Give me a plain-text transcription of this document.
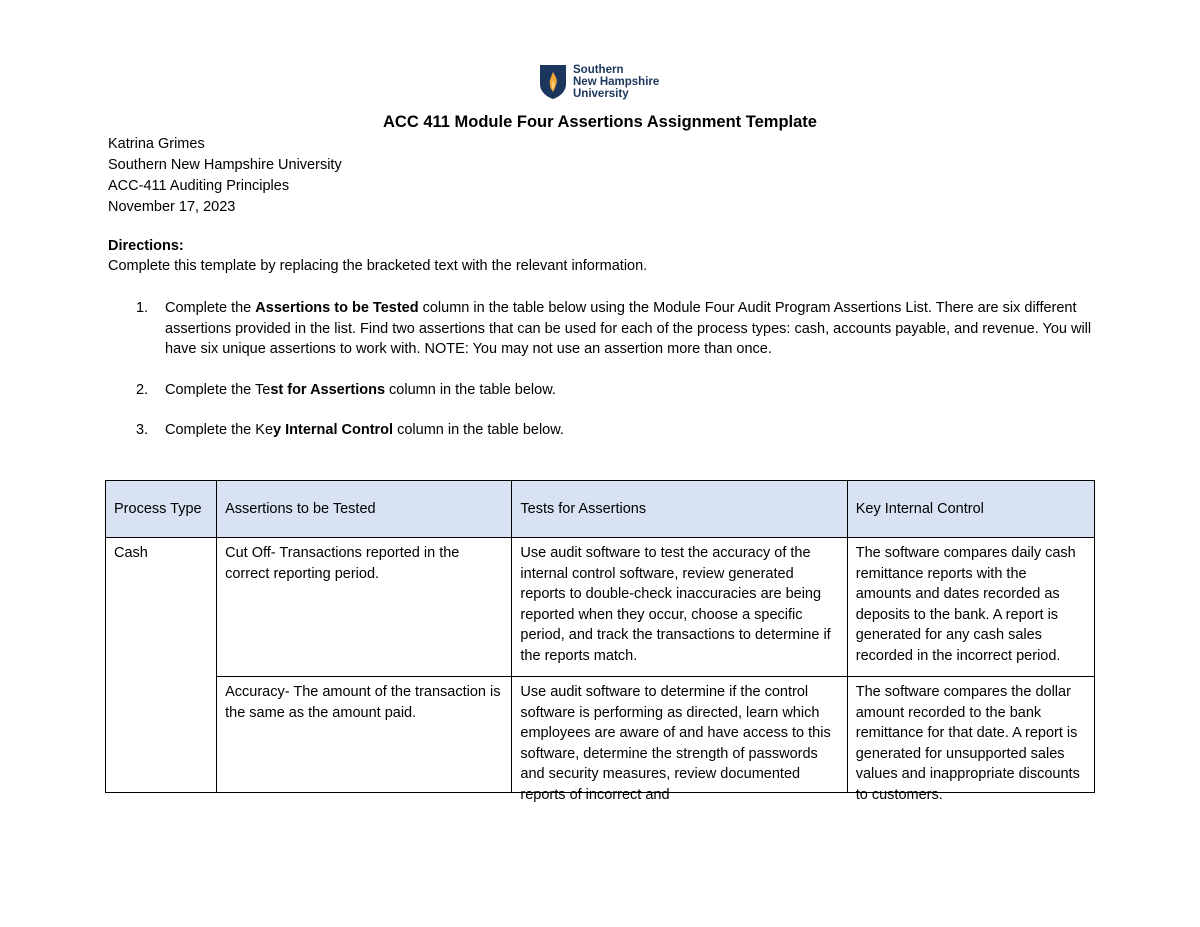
Southern
New Hampshire
University
ACC 411 Module Four Assertions Assignment Template
Katrina Grimes
Southern New Hampshire University
ACC-411 Auditing Principles
November 17, 2023
Directions:
Complete this template by replacing the bracketed text with the relevant information.
1. Complete the Assertions to be Tested column in the table below using the Module Four Audit Program Assertions List. There are six different assertions provided in the list. Find two assertions that can be used for each of the process types: cash, accounts payable, and revenue. You will have six unique assertions to work with. NOTE: You may not use an assertion more than once.
2. Complete the Test for Assertions column in the table below.
3. Complete the Key Internal Control column in the table below.
Process Type	Assertions to be Tested	Tests for Assertions	Key Internal Control
Cash	Cut Off- Transactions reported in the correct reporting period.	Use audit software to test the accuracy of the internal control software, review generated reports to double-check inaccuracies are being reported when they occur, choose a specific period, and track the transactions to determine if the reports match.	The software compares daily cash remittance reports with the amounts and dates recorded as deposits to the bank. A report is generated for any cash sales recorded in the incorrect period.

	Accuracy- The amount of the transaction is the same as the amount paid.	Use audit software to determine if the control software is performing as directed, learn which employees are aware of and have access to this software, determine the strength of passwords and security measures, review documented reports of incorrect and	The software compares the dollar amount recorded to the bank remittance for that date. A report is generated for unsupported sales values and inappropriate discounts to customers.
